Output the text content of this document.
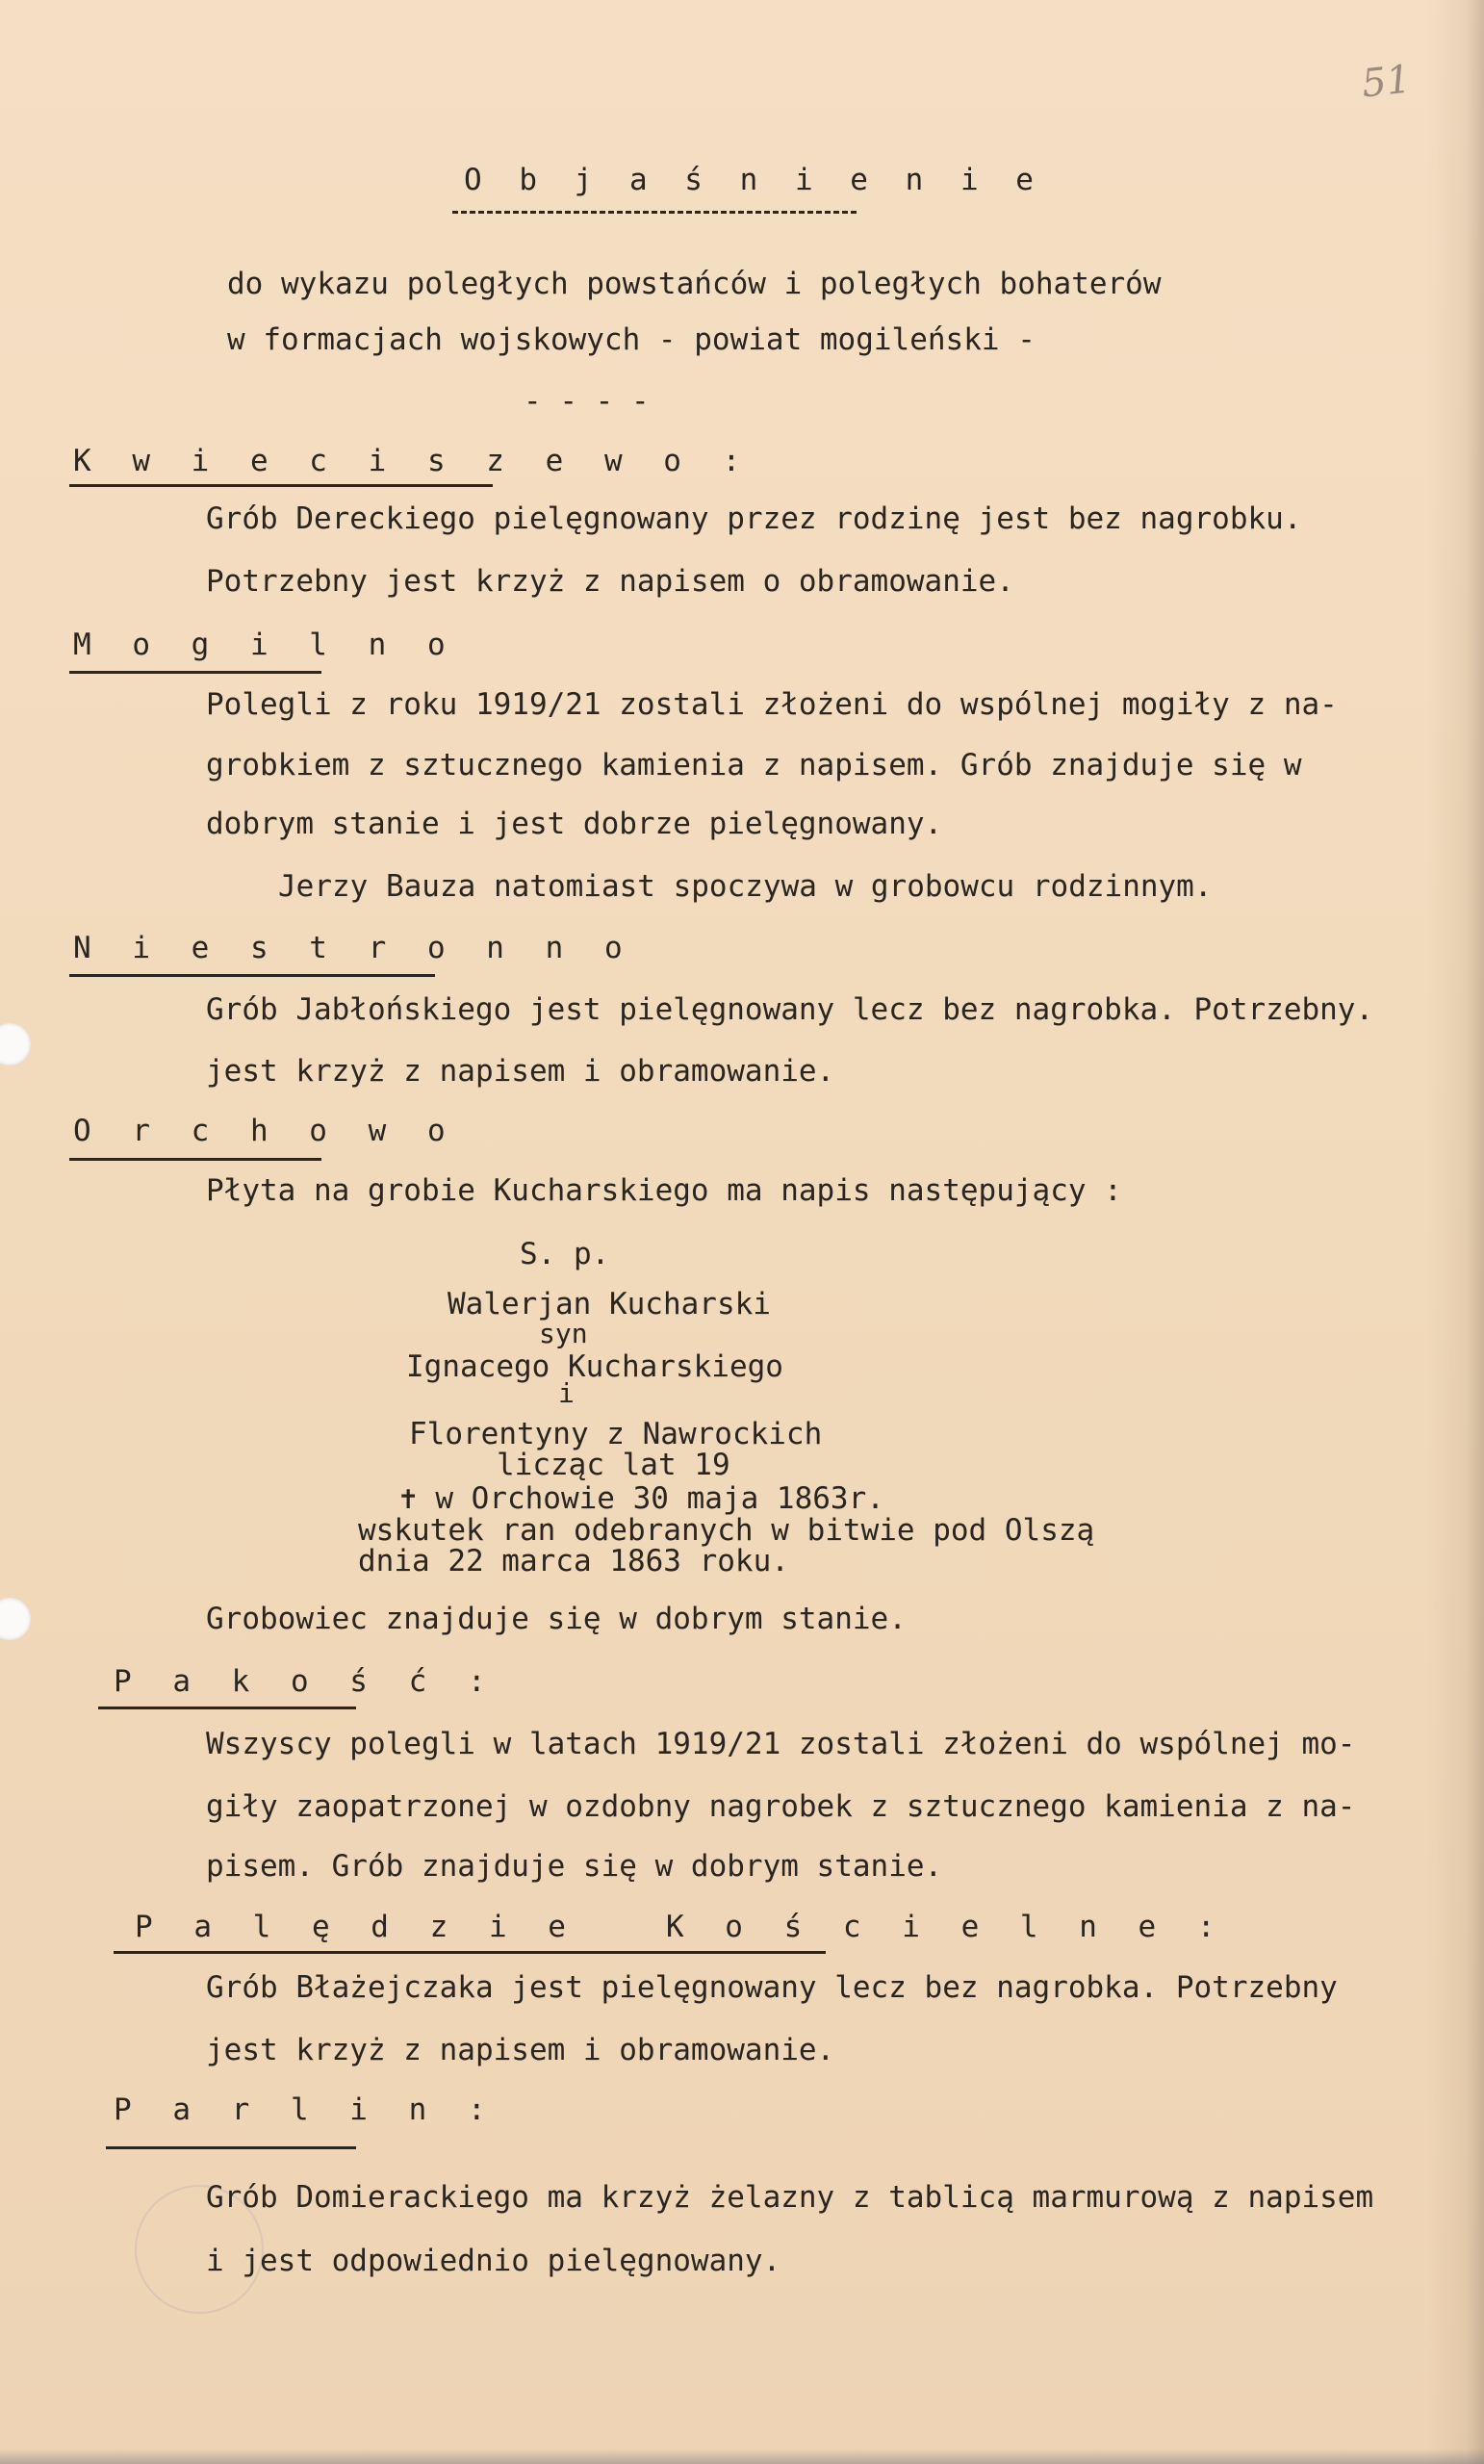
51
O b j a ś n i e n i e
do wykazu poległych powstańców i poległych bohaterów
w formacjach wojskowych - powiat mogileński -
- - - -
K w i e c i s z e w o :
Grób Dereckiego pielęgnowany przez rodzinę jest bez nagrobku.
Potrzebny jest krzyż z napisem o obramowanie.
M o g i l n o
Polegli z roku 1919/21 zostali złożeni do wspólnej mogiły z na-
grobkiem z sztucznego kamienia z napisem. Grób znajduje się w
dobrym stanie i jest dobrze pielęgnowany.
Jerzy Bauza natomiast spoczywa w grobowcu rodzinnym.
N i e s t r o n n o
Grób Jabłońskiego jest pielęgnowany lecz bez nagrobka. Potrzebny.
jest krzyż z napisem i obramowanie.
O r c h o w o
Płyta na grobie Kucharskiego ma napis następujący :
S. p.
Walerjan Kucharski
syn
Ignacego Kucharskiego
i
Florentyny z Nawrockich
licząc lat 19
✝ w Orchowie 30 maja 1863r.
wskutek ran odebranych w bitwie pod Olszą
dnia 22 marca 1863 roku.
Grobowiec znajduje się w dobrym stanie.
P a k o ś ć :
Wszyscy polegli w latach 1919/21 zostali złożeni do wspólnej mo-
giły zaopatrzonej w ozdobny nagrobek z sztucznego kamienia z na-
pisem. Grób znajduje się w dobrym stanie.
P a l ę d z i e   K o ś c i e l n e :
Grób Błażejczaka jest pielęgnowany lecz bez nagrobka. Potrzebny
jest krzyż z napisem i obramowanie.
P a r l i n :
Grób Domierackiego ma krzyż żelazny z tablicą marmurową z napisem
i jest odpowiednio pielęgnowany.
